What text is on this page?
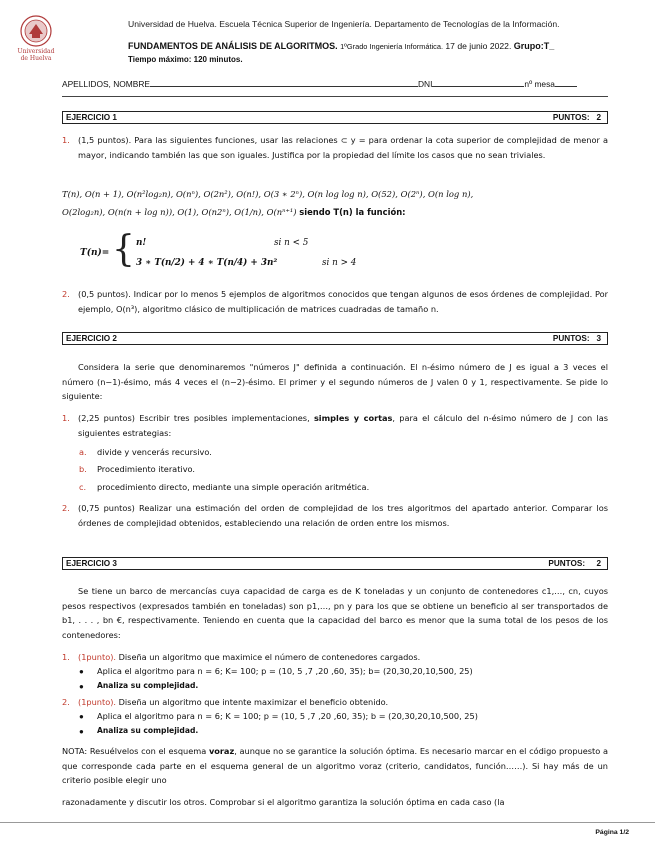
Universidad
de Huelva
Universidad de Huelva. Escuela Técnica Superior de Ingeniería. Departamento de Tecnologías de la Información.
FUNDAMENTOS DE ANÁLISIS DE ALGORITMOS. 1ºGrado Ingeniería Informática. 17 de junio 2022. Grupo:T_
Tiempo máximo: 120 minutos.
APELLIDOS, NOMBRE	DNI	nº mesa
EJERCICIO 1	PUNTOS: 2
1. (1,5 puntos). Para las siguientes funciones, usar las relaciones ⊂ y = para ordenar la cota superior de complejidad de menor a mayor, indicando también las que son iguales. Justifica por la propiedad del límite los casos que no sean triviales.
T(n), O(n + 1), O(n²log₂n), O(nⁿ), O(2n²), O(n!), O(3 ∗ 2ⁿ), O(n log log n), O(52), O(2ⁿ), O(n log n),
O(2log₂n), O(n(n + log n)), O(1), O(n2ⁿ), O(1/n), O(nⁿ⁺¹) siendo T(n) la función:
T(n)= { n!	si n < 5
3 ∗ T(n/2) + 4 ∗ T(n/4) + 3n²	si n > 4
2. (0,5 puntos). Indicar por lo menos 5 ejemplos de algoritmos conocidos que tengan algunos de esos órdenes de complejidad. Por ejemplo, O(n³), algoritmo clásico de multiplicación de matrices cuadradas de tamaño n.
EJERCICIO 2	PUNTOS: 3
Considera la serie que denominaremos "números J" definida a continuación. El n-ésimo número de J es igual a 3 veces el número (n−1)-ésimo, más 4 veces el (n−2)-ésimo. El primer y el segundo números de J valen 0 y 1, respectivamente. Se pide lo siguiente:
1. (2,25 puntos) Escribir tres posibles implementaciones, simples y cortas, para el cálculo del n-ésimo número de J con las siguientes estrategias:
a. divide y vencerás recursivo.
b. Procedimiento iterativo.
c. procedimiento directo, mediante una simple operación aritmética.
2. (0,75 puntos) Realizar una estimación del orden de complejidad de los tres algoritmos del apartado anterior. Comparar los órdenes de complejidad obtenidos, estableciendo una relación de orden entre los mismos.
EJERCICIO 3	PUNTOS: 2
Se tiene un barco de mercancías cuya capacidad de carga es de K toneladas y un conjunto de contenedores c1,…, cn, cuyos pesos respectivos (expresados también en toneladas) son p1,…, pn y para los que se obtiene un beneficio al ser transportados de b1, . . . , bn €, respectivamente. Teniendo en cuenta que la capacidad del barco es menor que la suma total de los pesos de los contenedores:
1. (1punto). Diseña un algoritmo que maximice el número de contenedores cargados.
● Aplica el algoritmo para n = 6; K= 100; p = (10, 5 ,7 ,20 ,60, 35); b= (20,30,20,10,500, 25)
● Analiza su complejidad.
2. (1punto). Diseña un algoritmo que intente maximizar el beneficio obtenido.
● Aplica el algoritmo para n = 6; K = 100; p = (10, 5 ,7 ,20 ,60, 35); b = (20,30,20,10,500, 25)
● Analiza su complejidad.
NOTA: Resuélvelos con el esquema voraz, aunque no se garantice la solución óptima. Es necesario marcar en el código propuesto a que corresponde cada parte en el esquema general de un algoritmo voraz (criterio, candidatos, función……). Si hay más de un criterio posible elegir uno
razonadamente y discutir los otros. Comprobar si el algoritmo garantiza la solución óptima en cada caso (la
Página 1/2
